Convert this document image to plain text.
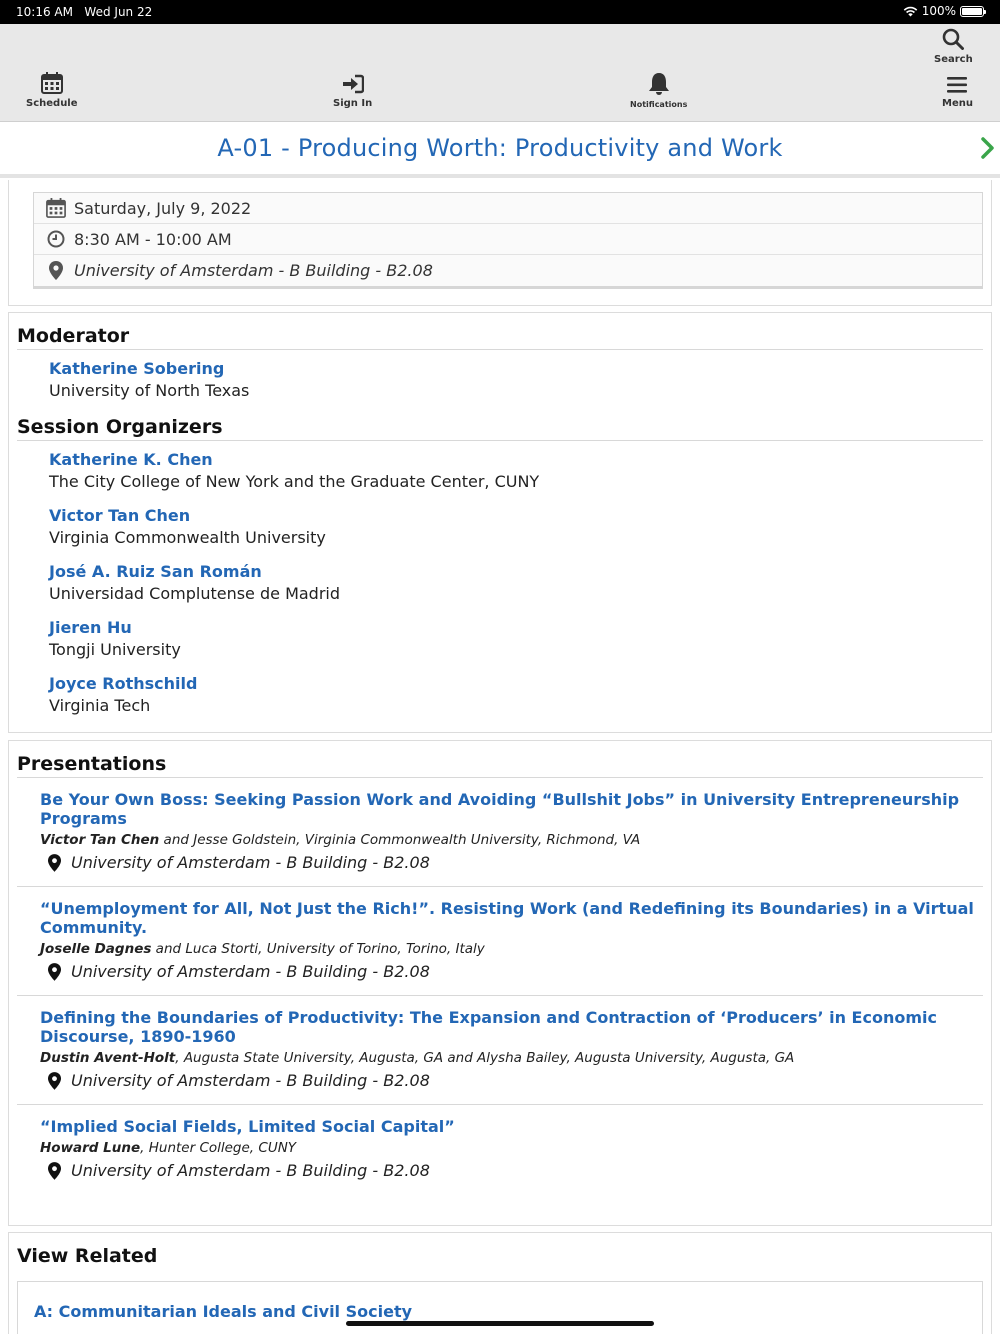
10:16 AM Wed Jun 22	100%
Schedule	Sign In	Notifications
Search
Menu
A-01 - Producing Worth: Productivity and Work
Saturday, July 9, 2022
8:30 AM - 10:00 AM
University of Amsterdam - B Building - B2.08
Moderator
Katherine Sobering
University of North Texas
Session Organizers
Katherine K. Chen
The City College of New York and the Graduate Center, CUNY
Victor Tan Chen
Virginia Commonwealth University
José A. Ruiz San Román
Universidad Complutense de Madrid
Jieren Hu
Tongji University
Joyce Rothschild
Virginia Tech
Presentations
Be Your Own Boss: Seeking Passion Work and Avoiding “Bullshit Jobs” in University Entrepreneurship Programs
Victor Tan Chen and Jesse Goldstein, Virginia Commonwealth University, Richmond, VA
University of Amsterdam - B Building - B2.08
“Unemployment for All, Not Just the Rich!”. Resisting Work (and Redefining its Boundaries) in a Virtual Community.
Joselle Dagnes and Luca Storti, University of Torino, Torino, Italy
University of Amsterdam - B Building - B2.08
Defining the Boundaries of Productivity: The Expansion and Contraction of ‘Producers’ in Economic Discourse, 1890-1960
Dustin Avent-Holt, Augusta State University, Augusta, GA and Alysha Bailey, Augusta University, Augusta, GA
University of Amsterdam - B Building - B2.08
“Implied Social Fields, Limited Social Capital”
Howard Lune, Hunter College, CUNY
University of Amsterdam - B Building - B2.08
View Related
A: Communitarian Ideals and Civil Society
